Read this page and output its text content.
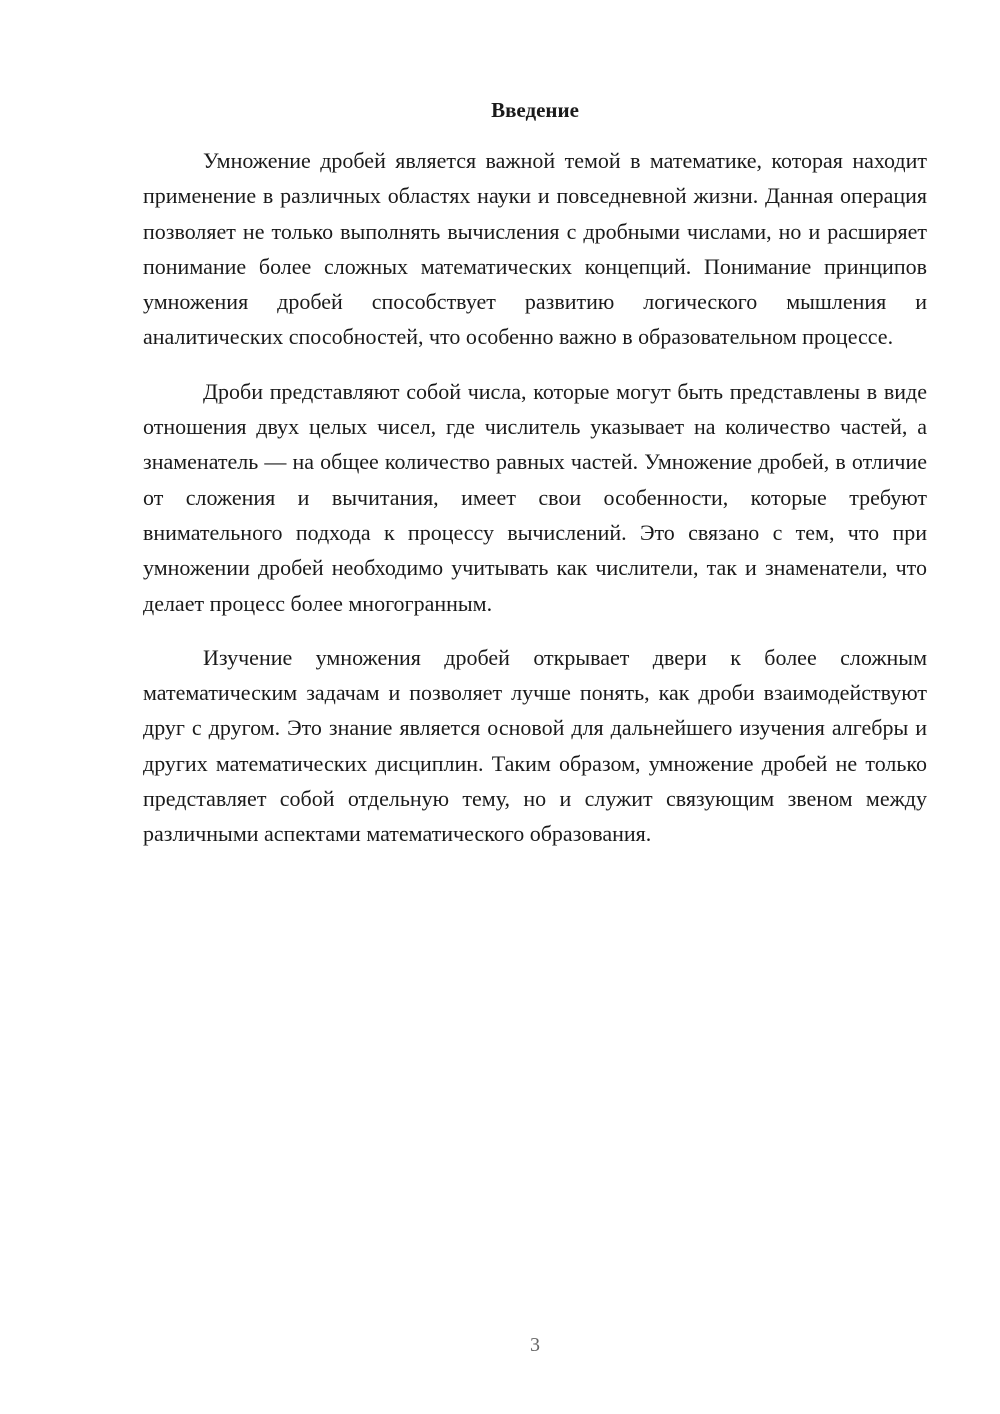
Введение

Умножение дробей является важной темой в математике, которая находит применение в различных областях науки и повседневной жизни. Данная операция позволяет не только выполнять вычисления с дробными числами, но и расширяет понимание более сложных математических концепций. Понимание принципов умножения дробей способствует развитию логического мышления и аналитических способностей, что особенно важно в образовательном процессе.

Дроби представляют собой числа, которые могут быть представлены в виде отношения двух целых чисел, где числитель указывает на количество частей, а знаменатель — на общее количество равных частей. Умножение дробей, в отличие от сложения и вычитания, имеет свои особенности, которые требуют внимательного подхода к процессу вычислений. Это связано с тем, что при умножении дробей необходимо учитывать как числители, так и знаменатели, что делает процесс более многогранным.

Изучение умножения дробей открывает двери к более сложным математическим задачам и позволяет лучше понять, как дроби взаимодействуют друг с другом. Это знание является основой для дальнейшего изучения алгебры и других математических дисциплин. Таким образом, умножение дробей не только представляет собой отдельную тему, но и служит связующим звеном между различными аспектами математического образования.

3
